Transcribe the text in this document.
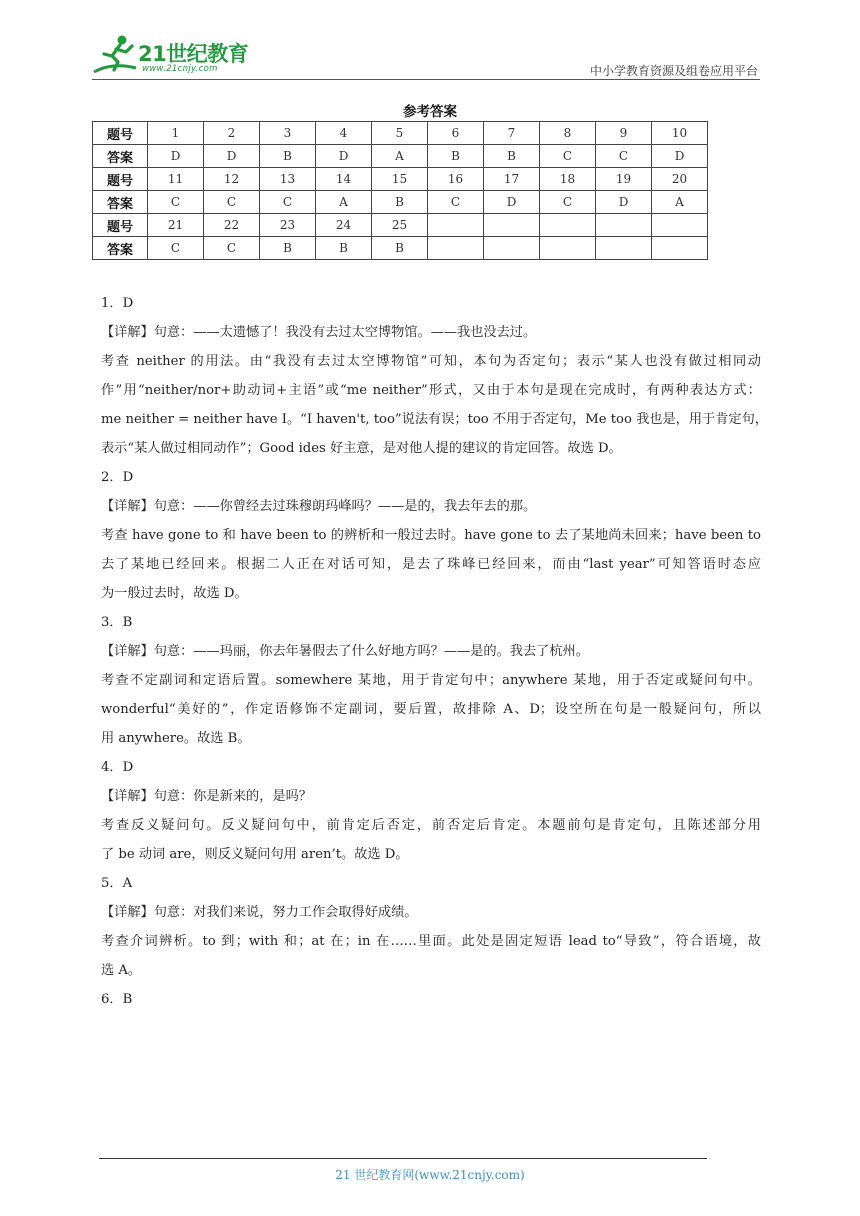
21世纪教育
www.21cnjy.com	中小学教育资源及组卷应用平台
参考答案
题号	1	2	3	4	5	6	7	8	9	10
答案	D	D	B	D	A	B	B	C	C	D
题号	11	12	13	14	15	16	17	18	19	20
答案	C	C	C	A	B	C	D	C	D	A
题号	21	22	23	24	25					
答案	C	C	B	B	B					

1．D

【详解】句意：——太遗憾了！我没有去过太空博物馆。——我也没去过。

考查 neither 的用法。由“我没有去过太空博物馆”可知，本句为否定句；表示“某人也没有做过相同动

作”用“neither/nor+助动词+主语”或“me neither”形式，又由于本句是现在完成时，有两种表达方式：

me neither = neither have I。“I haven't, too”说法有误；too 不用于否定句，Me too 我也是，用于肯定句，

表示“某人做过相同动作”；Good ides 好主意，是对他人提的建议的肯定回答。故选 D。

2．D

【详解】句意：——你曾经去过珠穆朗玛峰吗？——是的，我去年去的那。

考查 have gone to 和 have been to 的辨析和一般过去时。have gone to 去了某地尚未回来；have been to

去了某地已经回来。根据二人正在对话可知，是去了珠峰已经回来，而由“last year”可知答语时态应

为一般过去时，故选 D。

3．B

【详解】句意：——玛丽，你去年暑假去了什么好地方吗？——是的。我去了杭州。

考查不定副词和定语后置。somewhere 某地，用于肯定句中；anywhere 某地，用于否定或疑问句中。

wonderful“美好的”，作定语修饰不定副词，要后置，故排除 A、D；设空所在句是一般疑问句，所以

用 anywhere。故选 B。

4．D

【详解】句意：你是新来的，是吗？

考查反义疑问句。反义疑问句中，前肯定后否定，前否定后肯定。本题前句是肯定句，且陈述部分用

了 be 动词 are，则反义疑问句用 aren’t。故选 D。

5．A

【详解】句意：对我们来说，努力工作会取得好成绩。

考查介词辨析。to 到；with 和；at 在；in 在……里面。此处是固定短语 lead to“导致”，符合语境，故

选 A。

6．B

21 世纪教育网(www.21cnjy.com)
